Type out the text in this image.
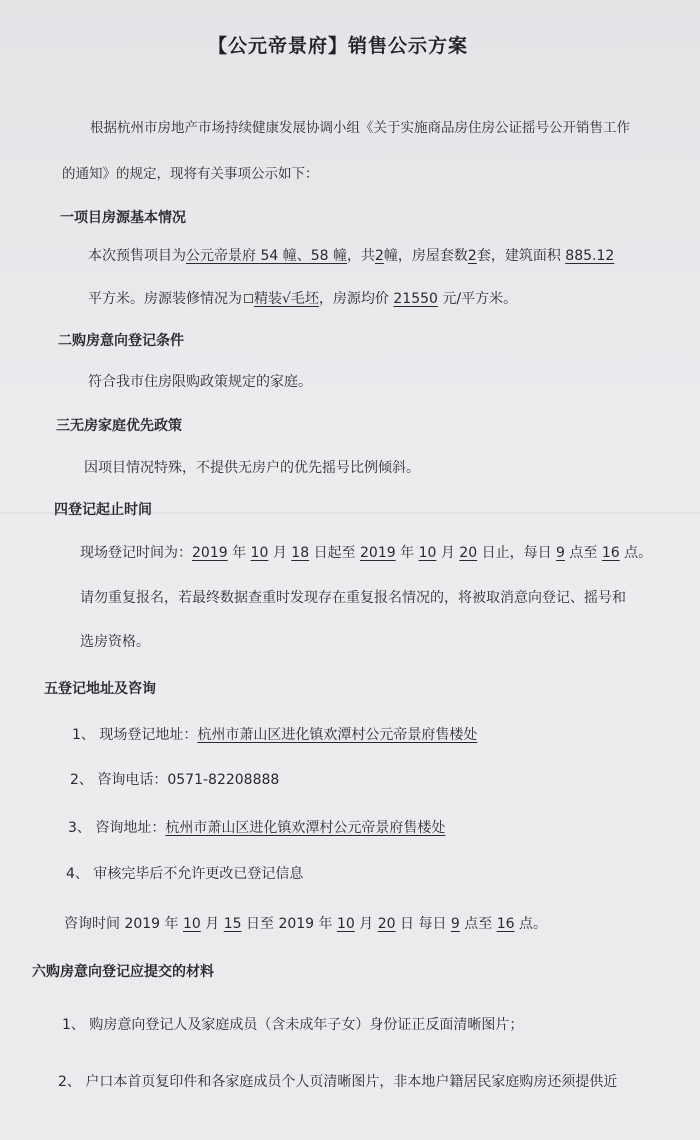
【公元帝景府】销售公示方案
根据杭州市房地产市场持续健康发展协调小组《关于实施商品房住房公证摇号公开销售工作
的通知》的规定，现将有关事项公示如下：
一项目房源基本情况
本次预售项目为公元帝景府 54 幢、58 幢，共2幢，房屋套数2套，建筑面积 885.12
平方米。房源装修情况为 精装√毛坯，房源均价 21550 元/平方米。
二购房意向登记条件
符合我市住房限购政策规定的家庭。
三无房家庭优先政策
因项目情况特殊，不提供无房户的优先摇号比例倾斜。
四登记起止时间
现场登记时间为：2019 年 10 月 18 日起至 2019 年 10 月 20 日止，每日 9 点至 16 点。
请勿重复报名，若最终数据查重时发现存在重复报名情况的，将被取消意向登记、摇号和
选房资格。
五登记地址及咨询
1、 现场登记地址：杭州市萧山区进化镇欢潭村公元帝景府售楼处
2、 咨询电话：0571-82208888
3、 咨询地址：杭州市萧山区进化镇欢潭村公元帝景府售楼处
4、 审核完毕后不允许更改已登记信息
咨询时间 2019 年 10 月 15 日至 2019 年 10 月 20 日 每日 9 点至 16 点。
六购房意向登记应提交的材料
1、 购房意向登记人及家庭成员（含未成年子女）身份证正反面清晰图片；
2、 户口本首页复印件和各家庭成员个人页清晰图片，非本地户籍居民家庭购房还须提供近
